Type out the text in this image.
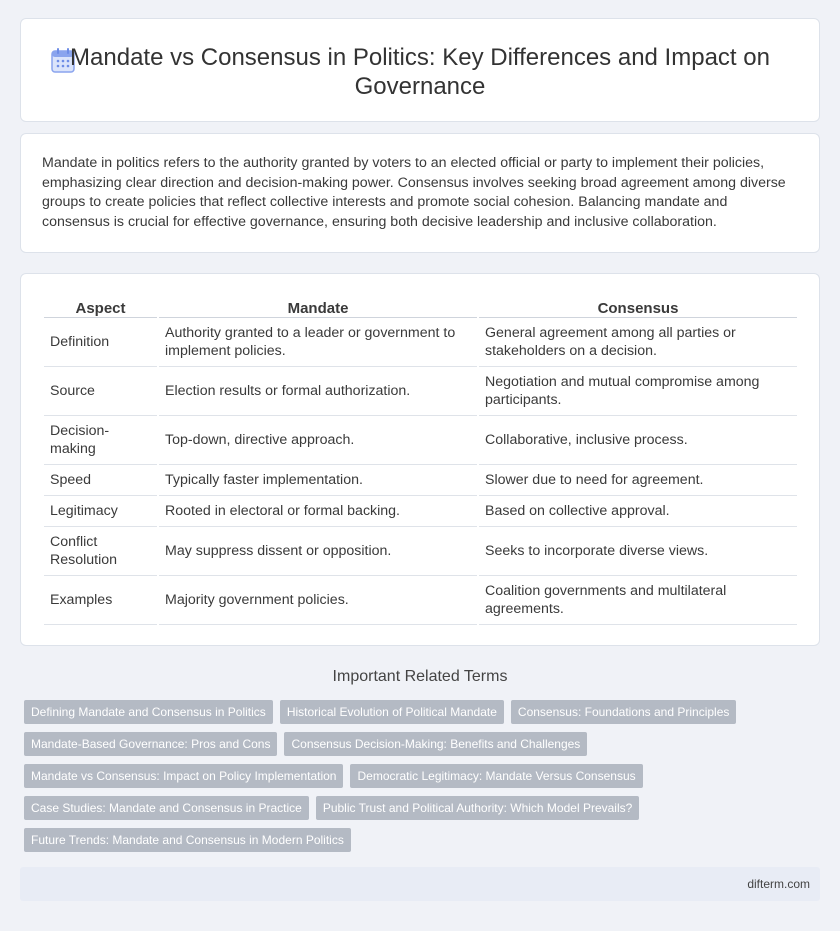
Mandate vs Consensus in Politics: Key Differences and Impact on Governance

Mandate in politics refers to the authority granted by voters to an elected official or party to implement their policies, emphasizing clear direction and decision-making power. Consensus involves seeking broad agreement among diverse groups to create policies that reflect collective interests and promote social cohesion. Balancing mandate and consensus is crucial for effective governance, ensuring both decisive leadership and inclusive collaboration.

Aspect	Mandate	Consensus
Definition	Authority granted to a leader or government to implement policies.	General agreement among all parties or stakeholders on a decision.
Source	Election results or formal authorization.	Negotiation and mutual compromise among participants.
Decision-making	Top-down, directive approach.	Collaborative, inclusive process.
Speed	Typically faster implementation.	Slower due to need for agreement.
Legitimacy	Rooted in electoral or formal backing.	Based on collective approval.
Conflict Resolution	May suppress dissent or opposition.	Seeks to incorporate diverse views.
Examples	Majority government policies.	Coalition governments and multilateral agreements.
Important Related Terms
Defining Mandate and Consensus in Politics	Historical Evolution of Political Mandate	Consensus: Foundations and Principles
Mandate-Based Governance: Pros and Cons	Consensus Decision-Making: Benefits and Challenges
Mandate vs Consensus: Impact on Policy Implementation	Democratic Legitimacy: Mandate Versus Consensus
Case Studies: Mandate and Consensus in Practice	Public Trust and Political Authority: Which Model Prevails?
Future Trends: Mandate and Consensus in Modern Politics
difterm.com
